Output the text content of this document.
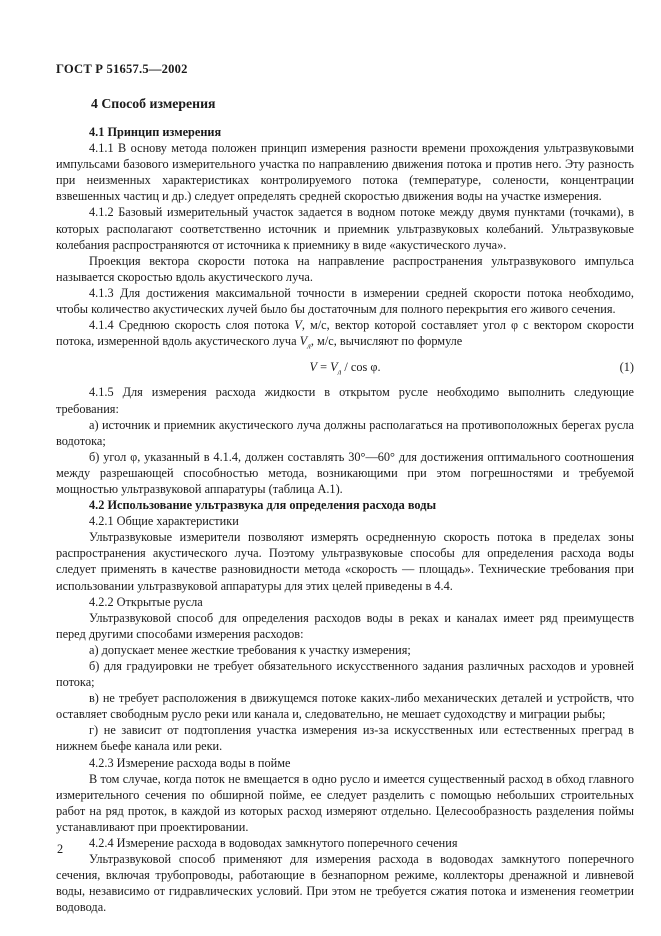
ГОСТ Р 51657.5—2002
4 Способ измерения

4.1 Принцип измерения

4.1.1 В основу метода положен принцип измерения разности времени прохождения ультразвуковыми импульсами базового измерительного участка по направлению движения потока и против него. Эту разность при неизменных характеристиках контролируемого потока (температуре, солености, концентрации взвешенных частиц и др.) следует определять средней скоростью движения воды на участке измерения.

4.1.2 Базовый измерительный участок задается в водном потоке между двумя пунктами (точками), в которых располагают соответственно источник и приемник ультразвуковых колебаний. Ультразвуковые колебания распространяются от источника к приемнику в виде «акустического луча».

Проекция вектора скорости потока на направление распространения ультразвукового импульса называется скоростью вдоль акустического луча.

4.1.3 Для достижения максимальной точности в измерении средней скорости потока необходимо, чтобы количество акустических лучей было бы достаточным для полного перекрытия его живого сечения.

4.1.4 Среднюю скорость слоя потока V, м/с, вектор которой составляет угол φ с вектором скорости потока, измеренной вдоль акустического луча $V_л$, м/с, вычисляют по формуле

$V = V_л / \cos \varphi$.	(1)

4.1.5 Для измерения расхода жидкости в открытом русле необходимо выполнить следующие требования:

а) источник и приемник акустического луча должны располагаться на противоположных берегах русла водотока;

б) угол φ, указанный в 4.1.4, должен составлять 30°—60° для достижения оптимального соотношения между разрешающей способностью метода, возникающими при этом погрешностями и требуемой мощностью ультразвуковой аппаратуры (таблица А.1).

4.2 Использование ультразвука для определения расхода воды

4.2.1 Общие характеристики

Ультразвуковые измерители позволяют измерять осредненную скорость потока в пределах зоны распространения акустического луча. Поэтому ультразвуковые способы для определения расхода воды следует применять в качестве разновидности метода «скорость — площадь». Технические требования при использовании ультразвуковой аппаратуры для этих целей приведены в 4.4.

4.2.2 Открытые русла

Ультразвуковой способ для определения расходов воды в реках и каналах имеет ряд преимуществ перед другими способами измерения расходов:

а) допускает менее жесткие требования к участку измерения;

б) для градуировки не требует обязательного искусственного задания различных расходов и уровней потока;

в) не требует расположения в движущемся потоке каких-либо механических деталей и устройств, что оставляет свободным русло реки или канала и, следовательно, не мешает судоходству и миграции рыбы;

г) не зависит от подтопления участка измерения из-за искусственных или естественных преград в нижнем бьефе канала или реки.

4.2.3 Измерение расхода воды в пойме

В том случае, когда поток не вмещается в одно русло и имеется существенный расход в обход главного измерительного сечения по обширной пойме, ее следует разделить с помощью небольших строительных работ на ряд проток, в каждой из которых расход измеряют отдельно. Целесообразность разделения поймы устанавливают при проектировании.

4.2.4 Измерение расхода в водоводах замкнутого поперечного сечения

Ультразвуковой способ применяют для измерения расхода в водоводах замкнутого поперечного сечения, включая трубопроводы, работающие в безнапорном режиме, коллекторы дренажной и ливневой воды, независимо от гидравлических условий. При этом не требуется сжатия потока и изменения геометрии водовода.

2
